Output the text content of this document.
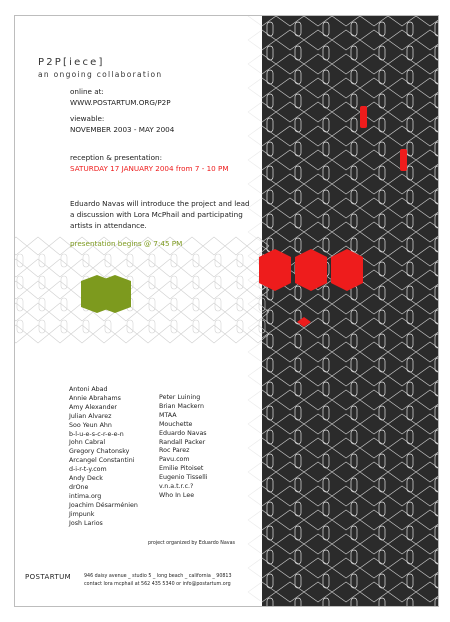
P2P[iece]
an ongoing collaboration
online at:
WWW.POSTARTUM.ORG/P2P
viewable:
NOVEMBER 2003 - MAY 2004
reception & presentation:
SATURDAY 17 JANUARY 2004 from 7 - 10 PM
Eduardo Navas will introduce the project and lead a discussion with Lora McPhail and participating artists in attendance.
presentation begins @ 7:45 PM
Antoni Abad
Annie Abrahams
Amy Alexander
Julian Alvarez
Soo Yeun Ahn
b-l-u-e-s-c-r-e-e-n
John Cabral
Gregory Chatonsky
Arcangel Constantini
d-i-r-t-y.com
Andy Deck
drOne
intima.org
Joachim Désarménien
Jimpunk
Josh Larios
Peter Luining
Brian Mackern
MTAA
Mouchette
Eduardo Navas
Randall Packer
Roc Parez
Pavu.com
Emilie Pitoiset
Eugenio Tisselli
v.n.a.t.r.c.?
Who In Lee
project organized by Eduardo Navas
POSTARTUM	946 daisy avenue _ studio 5 _ long beach _ california _ 90813
contact lora mcphail at 562 435 5340 or info@postartum.org
